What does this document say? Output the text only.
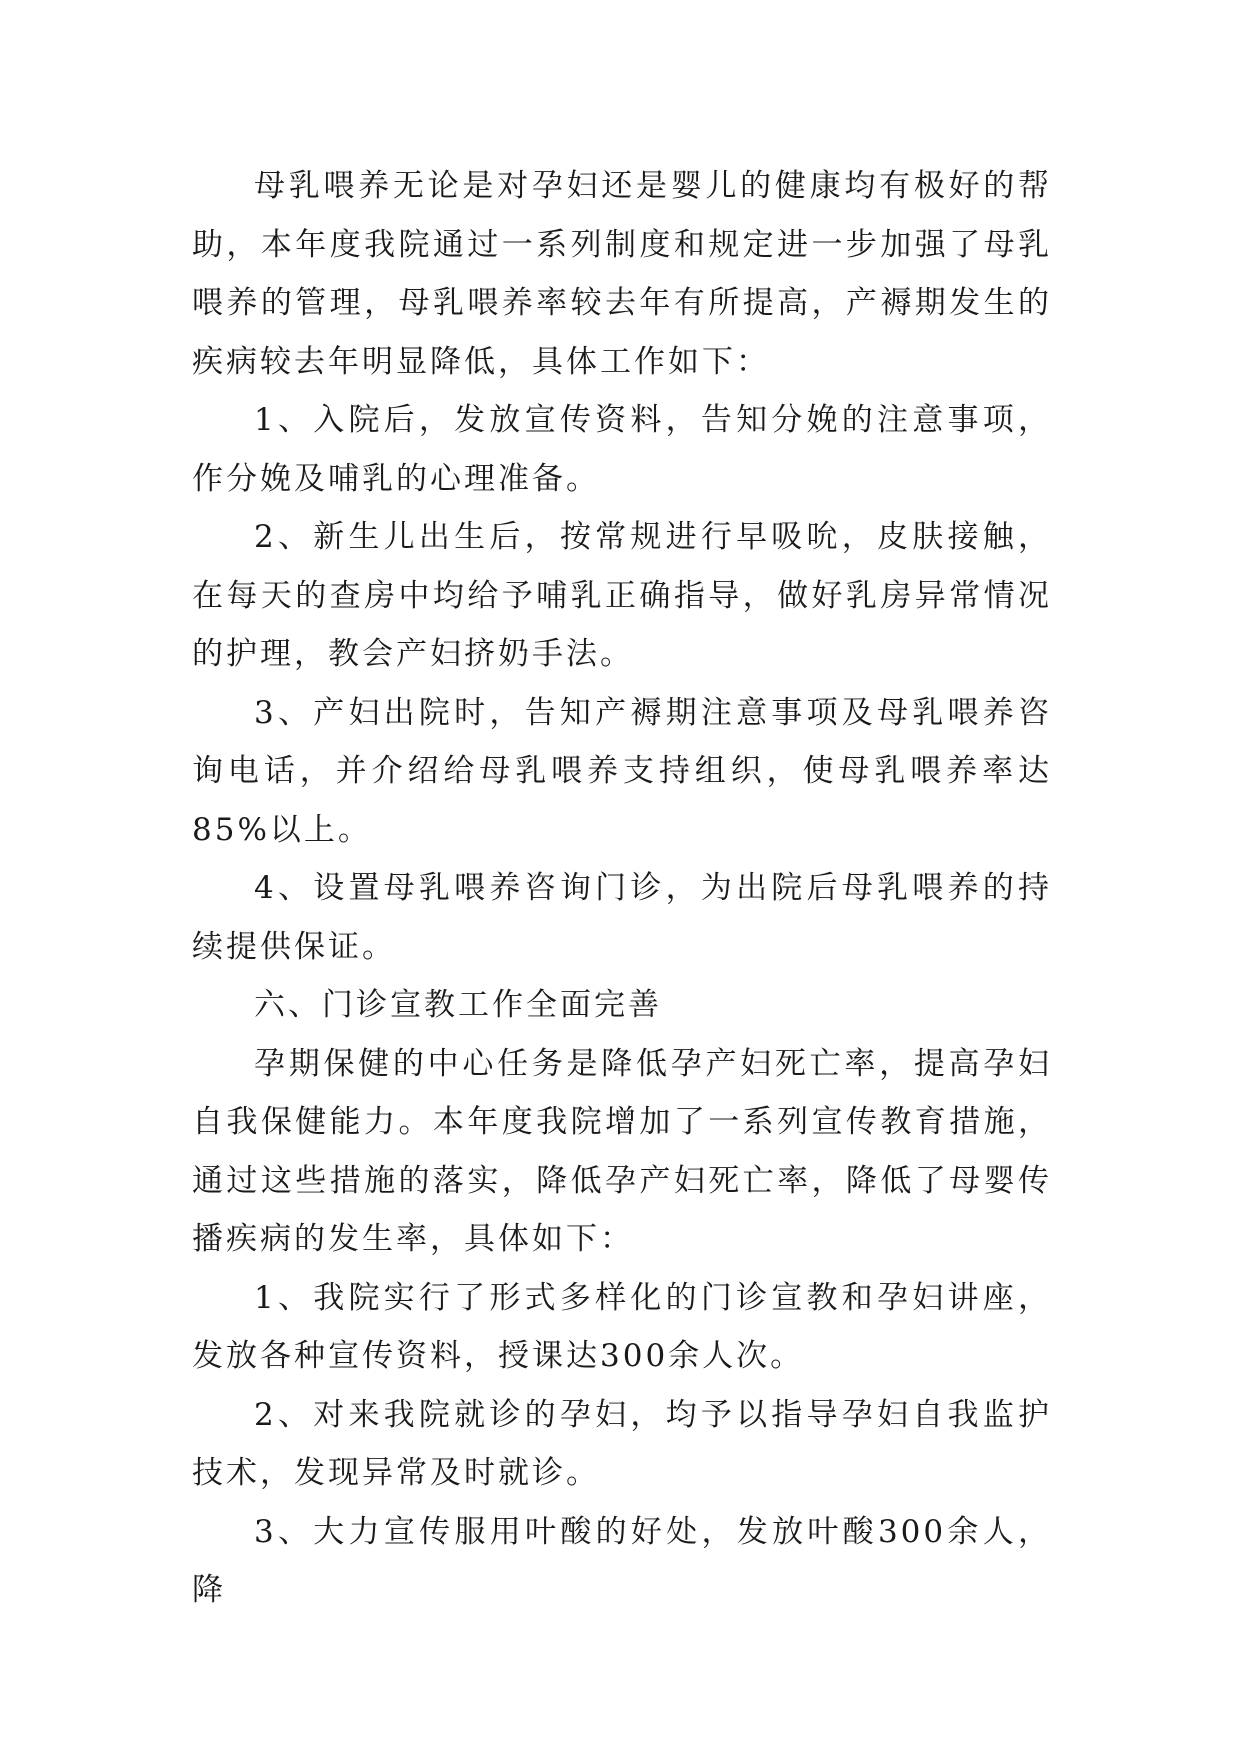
母乳喂养无论是对孕妇还是婴儿的健康均有极好的帮助，本年度我院通过一系列制度和规定进一步加强了母乳喂养的管理，母乳喂养率较去年有所提高，产褥期发生的疾病较去年明显降低，具体工作如下：

1、入院后，发放宣传资料，告知分娩的注意事项，作分娩及哺乳的心理准备。

2、新生儿出生后，按常规进行早吸吮，皮肤接触，在每天的查房中均给予哺乳正确指导，做好乳房异常情况的护理，教会产妇挤奶手法。

3、产妇出院时，告知产褥期注意事项及母乳喂养咨询电话，并介绍给母乳喂养支持组织，使母乳喂养率达85%以上。

4、设置母乳喂养咨询门诊，为出院后母乳喂养的持续提供保证。

六、门诊宣教工作全面完善

孕期保健的中心任务是降低孕产妇死亡率，提高孕妇自我保健能力。本年度我院增加了一系列宣传教育措施，通过这些措施的落实，降低孕产妇死亡率，降低了母婴传播疾病的发生率，具体如下：

1、我院实行了形式多样化的门诊宣教和孕妇讲座，发放各种宣传资料，授课达300余人次。

2、对来我院就诊的孕妇，均予以指导孕妇自我监护技术，发现异常及时就诊。

3、大力宣传服用叶酸的好处，发放叶酸300余人，降
